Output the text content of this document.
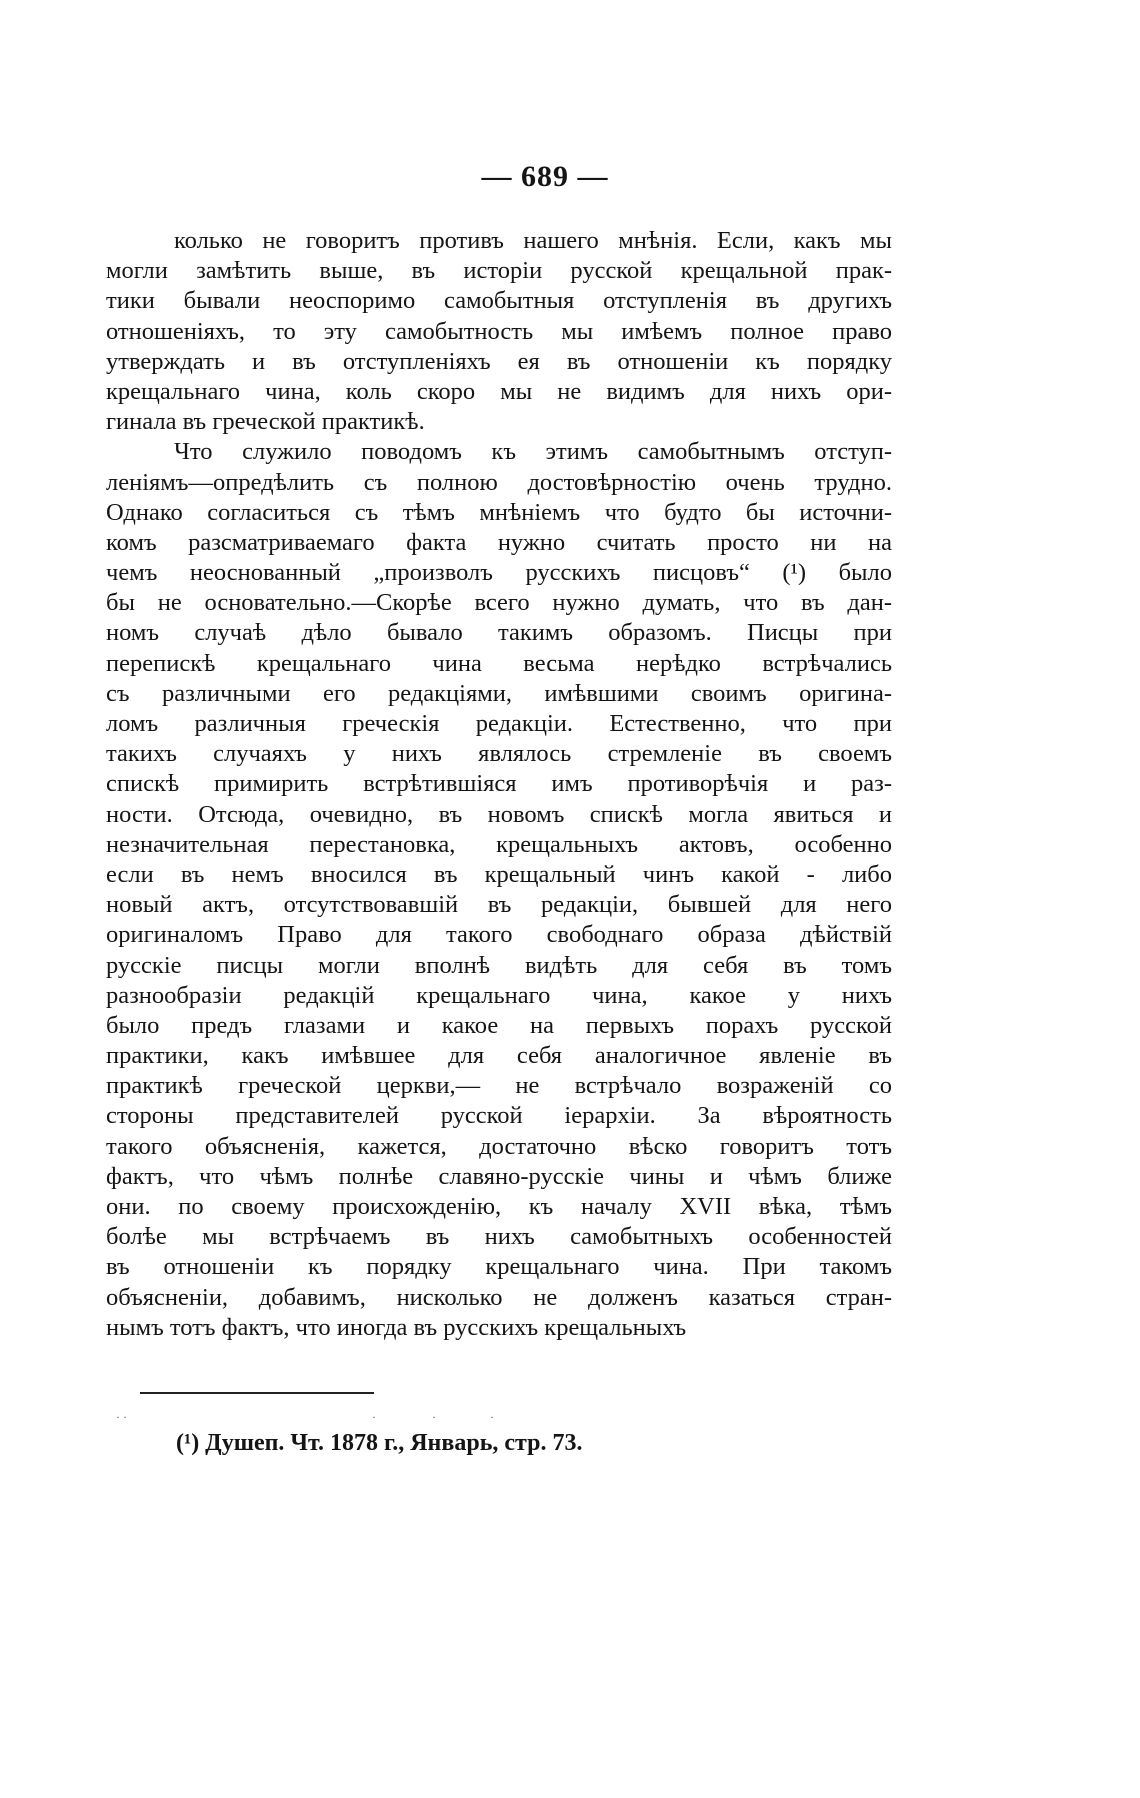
— 689 —
колько не говоритъ противъ нашего мнѣнія. Если, какъ мы
могли замѣтить выше, въ исторіи русской крещальной прак-
тики бывали неоспоримо самобытныя отступленія въ другихъ
отношеніяхъ, то эту самобытность мы имѣемъ полное право
утверждать и въ отступленіяхъ ея въ отношеніи къ порядку
крещальнаго чина, коль скоро мы не видимъ для нихъ ори-
гинала въ греческой практикѣ.
Что служило поводомъ къ этимъ самобытнымъ отступ-
леніямъ—опредѣлить съ полною достовѣрностію очень трудно.
Однако согласиться съ тѣмъ мнѣніемъ что будто бы источни-
комъ разсматриваемаго факта нужно считать просто ни на
чемъ неоснованный „произволъ русскихъ писцовъ“ (¹) было
бы не основательно.—Скорѣе всего нужно думать, что въ дан-
номъ случаѣ дѣло бывало такимъ образомъ. Писцы при
перепискѣ крещальнаго чина весьма нерѣдко встрѣчались
съ различными его редакціями, имѣвшими своимъ оригина-
ломъ различныя греческія редакціи. Естественно, что при
такихъ случаяхъ у нихъ являлось стремленіе въ своемъ
спискѣ примирить встрѣтившіяся имъ противорѣчія и раз-
ности. Отсюда, очевидно, въ новомъ спискѣ могла явиться и
незначительная перестановка, крещальныхъ актовъ, особенно
если въ немъ вносился въ крещальный чинъ какой - либо
новый актъ, отсутствовавшій въ редакціи, бывшей для него
оригиналомъ Право для такого свободнаго образа дѣйствій
русскіе писцы могли вполнѣ видѣть для себя въ томъ
разнообразіи редакцій крещальнаго чина, какое у нихъ
было предъ глазами и какое на первыхъ порахъ русской
практики, какъ имѣвшее для себя аналогичное явленіе въ
практикѣ греческой церкви,— не встрѣчало возраженій со
стороны представителей русской іерархіи. За вѣроятность
такого объясненія, кажется, достаточно вѣско говоритъ тотъ
фактъ, что чѣмъ полнѣе славяно-русскіе чины и чѣмъ ближе
они. по своему происхожденію, къ началу XVII вѣка, тѣмъ
болѣе мы встрѣчаемъ въ нихъ самобытныхъ особенностей
въ отношеніи къ порядку крещальнаго чина. При такомъ
объясненіи, добавимъ, нисколько не долженъ казаться стран-
нымъ тотъ фактъ, что иногда въ русскихъ крещальныхъ
(¹) Душеп. Чт. 1878 г., Январь, стр. 73.
· ·	·	·	·
